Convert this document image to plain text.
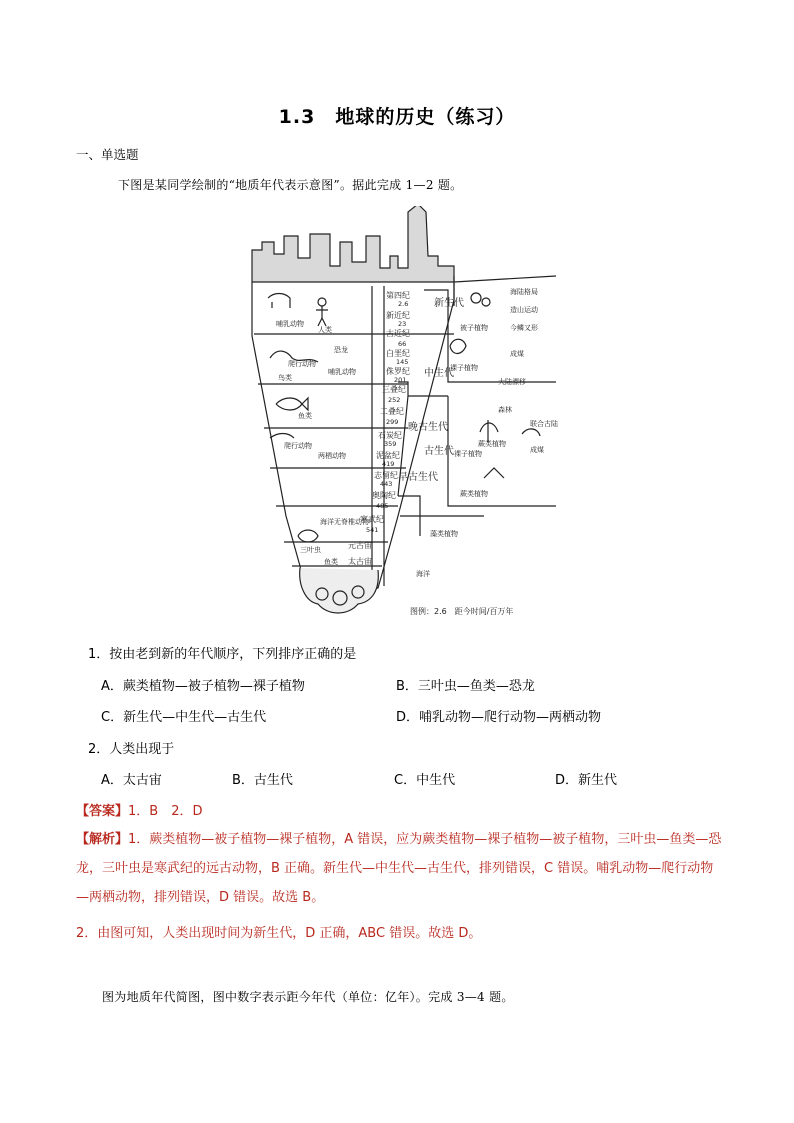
1.3　地球的历史（练习）
一、单选题
下图是某同学绘制的“地质年代表示意图”。据此完成 1—2 题。
第四纪
新近纪
古近纪
白垩纪
侏罗纪
三叠纪
二叠纪
石炭纪
泥盆纪
志留纪
奥陶纪
寒武纪
元古宙
太古宙
2.6
23
66
145
201
252
299
359
419
443
485
541
新生代
中生代
晚古生代
早古生代
古生代
哺乳动物
人类
爬行动物
恐龙
鸟类
哺乳动物
鱼类
爬行动物
两栖动物
海洋无脊椎动物
三叶虫
鱼类
海陆格局
造山运动
今鳞又形
被子植物
成煤
裸子植物
大陆漂移
森林
联合古陆
成煤
裸子植物
蕨类植物
蕨类植物
藻类植物
海洋
图例：2.6　距今时间/百万年
1．按由老到新的年代顺序，下列排序正确的是
A．蕨类植物—被子植物—裸子植物	B．三叶虫—鱼类—恐龙
C．新生代—中生代—古生代	D．哺乳动物—爬行动物—两栖动物
2．人类出现于
A．太古宙	B．古生代	C．中生代	D．新生代
【答案】1．B　2．D
【解析】1．蕨类植物—被子植物—裸子植物，A 错误，应为蕨类植物—裸子植物—被子植物，三叶虫—鱼类—恐龙，三叶虫是寒武纪的远古动物，B 正确。新生代—中生代—古生代，排列错误，C 错误。哺乳动物—爬行动物—两栖动物，排列错误，D 错误。故选 B。
2．由图可知，人类出现时间为新生代，D 正确，ABC 错误。故选 D。
图为地质年代简图，图中数字表示距今年代（单位：亿年）。完成 3—4 题。
